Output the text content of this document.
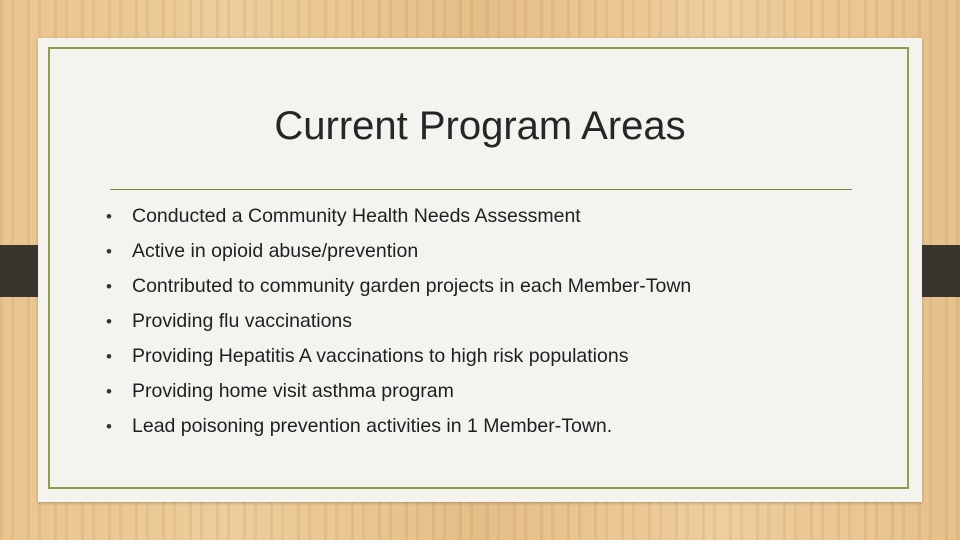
Current Program Areas
•	Conducted a Community Health Needs Assessment
•	Active in opioid abuse/prevention
•	Contributed to community garden projects in each Member-Town
•	Providing flu vaccinations
•	Providing Hepatitis A vaccinations to high risk populations
•	Providing home visit asthma program
•	Lead poisoning prevention activities in 1 Member-Town.
